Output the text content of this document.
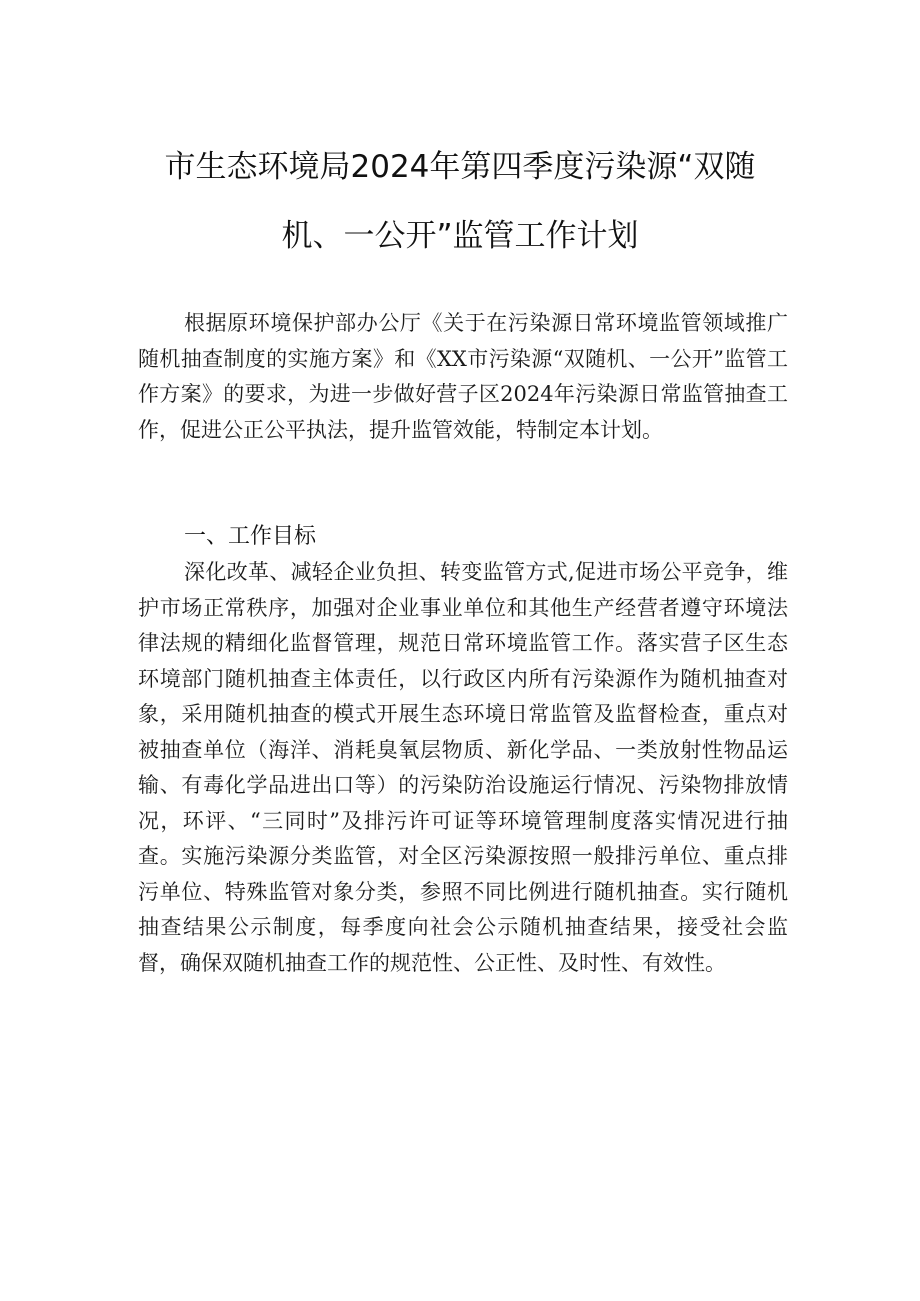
市生态环境局2024年第四季度污染源“双随
机、一公开”监管工作计划

根据原环境保护部办公厅《关于在污染源日常环境监管领域推广随机抽查制度的实施方案》和《XX市污染源“双随机、一公开”监管工作方案》的要求，为进一步做好营子区2024年污染源日常监管抽查工作，促进公正公平执法，提升监管效能，特制定本计划。

一、工作目标

深化改革、减轻企业负担、转变监管方式,促进市场公平竞争，维护市场正常秩序，加强对企业事业单位和其他生产经营者遵守环境法律法规的精细化监督管理，规范日常环境监管工作。落实营子区生态环境部门随机抽查主体责任，以行政区内所有污染源作为随机抽查对象，采用随机抽查的模式开展生态环境日常监管及监督检查，重点对被抽查单位（海洋、消耗臭氧层物质、新化学品、一类放射性物品运输、有毒化学品进出口等）的污染防治设施运行情况、污染物排放情况，环评、“三同时”及排污许可证等环境管理制度落实情况进行抽查。实施污染源分类监管，对全区污染源按照一般排污单位、重点排污单位、特殊监管对象分类，参照不同比例进行随机抽查。实行随机抽查结果公示制度，每季度向社会公示随机抽查结果，接受社会监督，确保双随机抽查工作的规范性、公正性、及时性、有效性。
